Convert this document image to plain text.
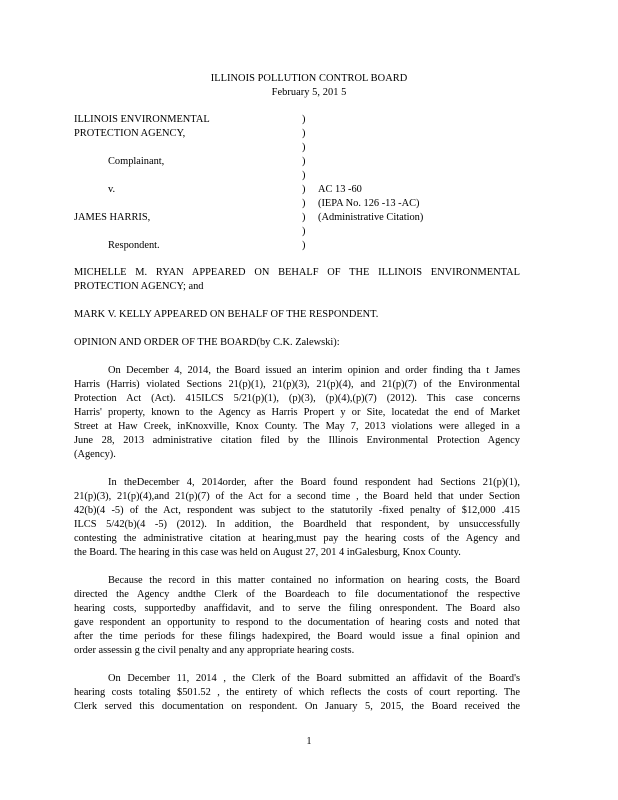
ILLINOIS POLLUTION CONTROL BOARD
February 5, 201 5
ILLINOIS ENVIRONMENTAL
PROTECTION AGENCY,
Complainant,
v.
JAMES HARRIS,
Respondent.
)
)
)
)
)
)
)
)
)
)
AC 13 -60
(IEPA No. 126 -13 -AC)
(Administrative Citation)
MICHELLE M. RYAN APPEARED ON BEHALF OF THE ILLINOIS ENVIRONMENTAL
PROTECTION AGENCY; and
MARK V. KELLY APPEARED ON BEHALF OF THE RESPONDENT.
OPINION AND ORDER OF THE BOARD(by C.K. Zalewski):
On December 4, 2014, the Board issued an interim opinion and order finding tha t James
Harris (Harris) violated Sections 21(p)(1), 21(p)(3), 21(p)(4), and 21(p)(7) of the Environmental
Protection Act (Act). 415ILCS 5/21(p)(1), (p)(3), (p)(4),(p)(7) (2012). This case concerns
Harris' property, known to the Agency as Harris Propert y or Site, locatedat the end of Market
Street at Haw Creek, inKnoxville, Knox County. The May 7, 2013 violations were alleged in a
June 28, 2013 administrative citation filed by the Illinois Environmental Protection Agency
(Agency).
In theDecember 4, 2014order, after the Board found respondent had Sections 21(p)(1),
21(p)(3), 21(p)(4),and 21(p)(7) of the Act for a second time , the Board held that under Section
42(b)(4 -5) of the Act, respondent was subject to the statutorily -fixed penalty of $12,000 .415
ILCS 5/42(b)(4 -5) (2012). In addition, the Boardheld that respondent, by unsuccessfully
contesting the administrative citation at hearing,must pay the hearing costs of the Agency and
the Board. The hearing in this case was held on August 27, 201 4 inGalesburg, Knox County.
Because the record in this matter contained no information on hearing costs, the Board
directed the Agency andthe Clerk of the Boardeach to file documentationof the respective
hearing costs, supportedby anaffidavit, and to serve the filing onrespondent. The Board also
gave respondent an opportunity to respond to the documentation of hearing costs and noted that
after the time periods for these filings hadexpired, the Board would issue a final opinion and
order assessin g the civil penalty and any appropriate hearing costs.
On December 11, 2014 , the Clerk of the Board submitted an affidavit of the Board's
hearing costs totaling $501.52 , the entirety of which reflects the costs of court reporting. The
Clerk served this documentation on respondent. On January 5, 2015, the Board received the
1
